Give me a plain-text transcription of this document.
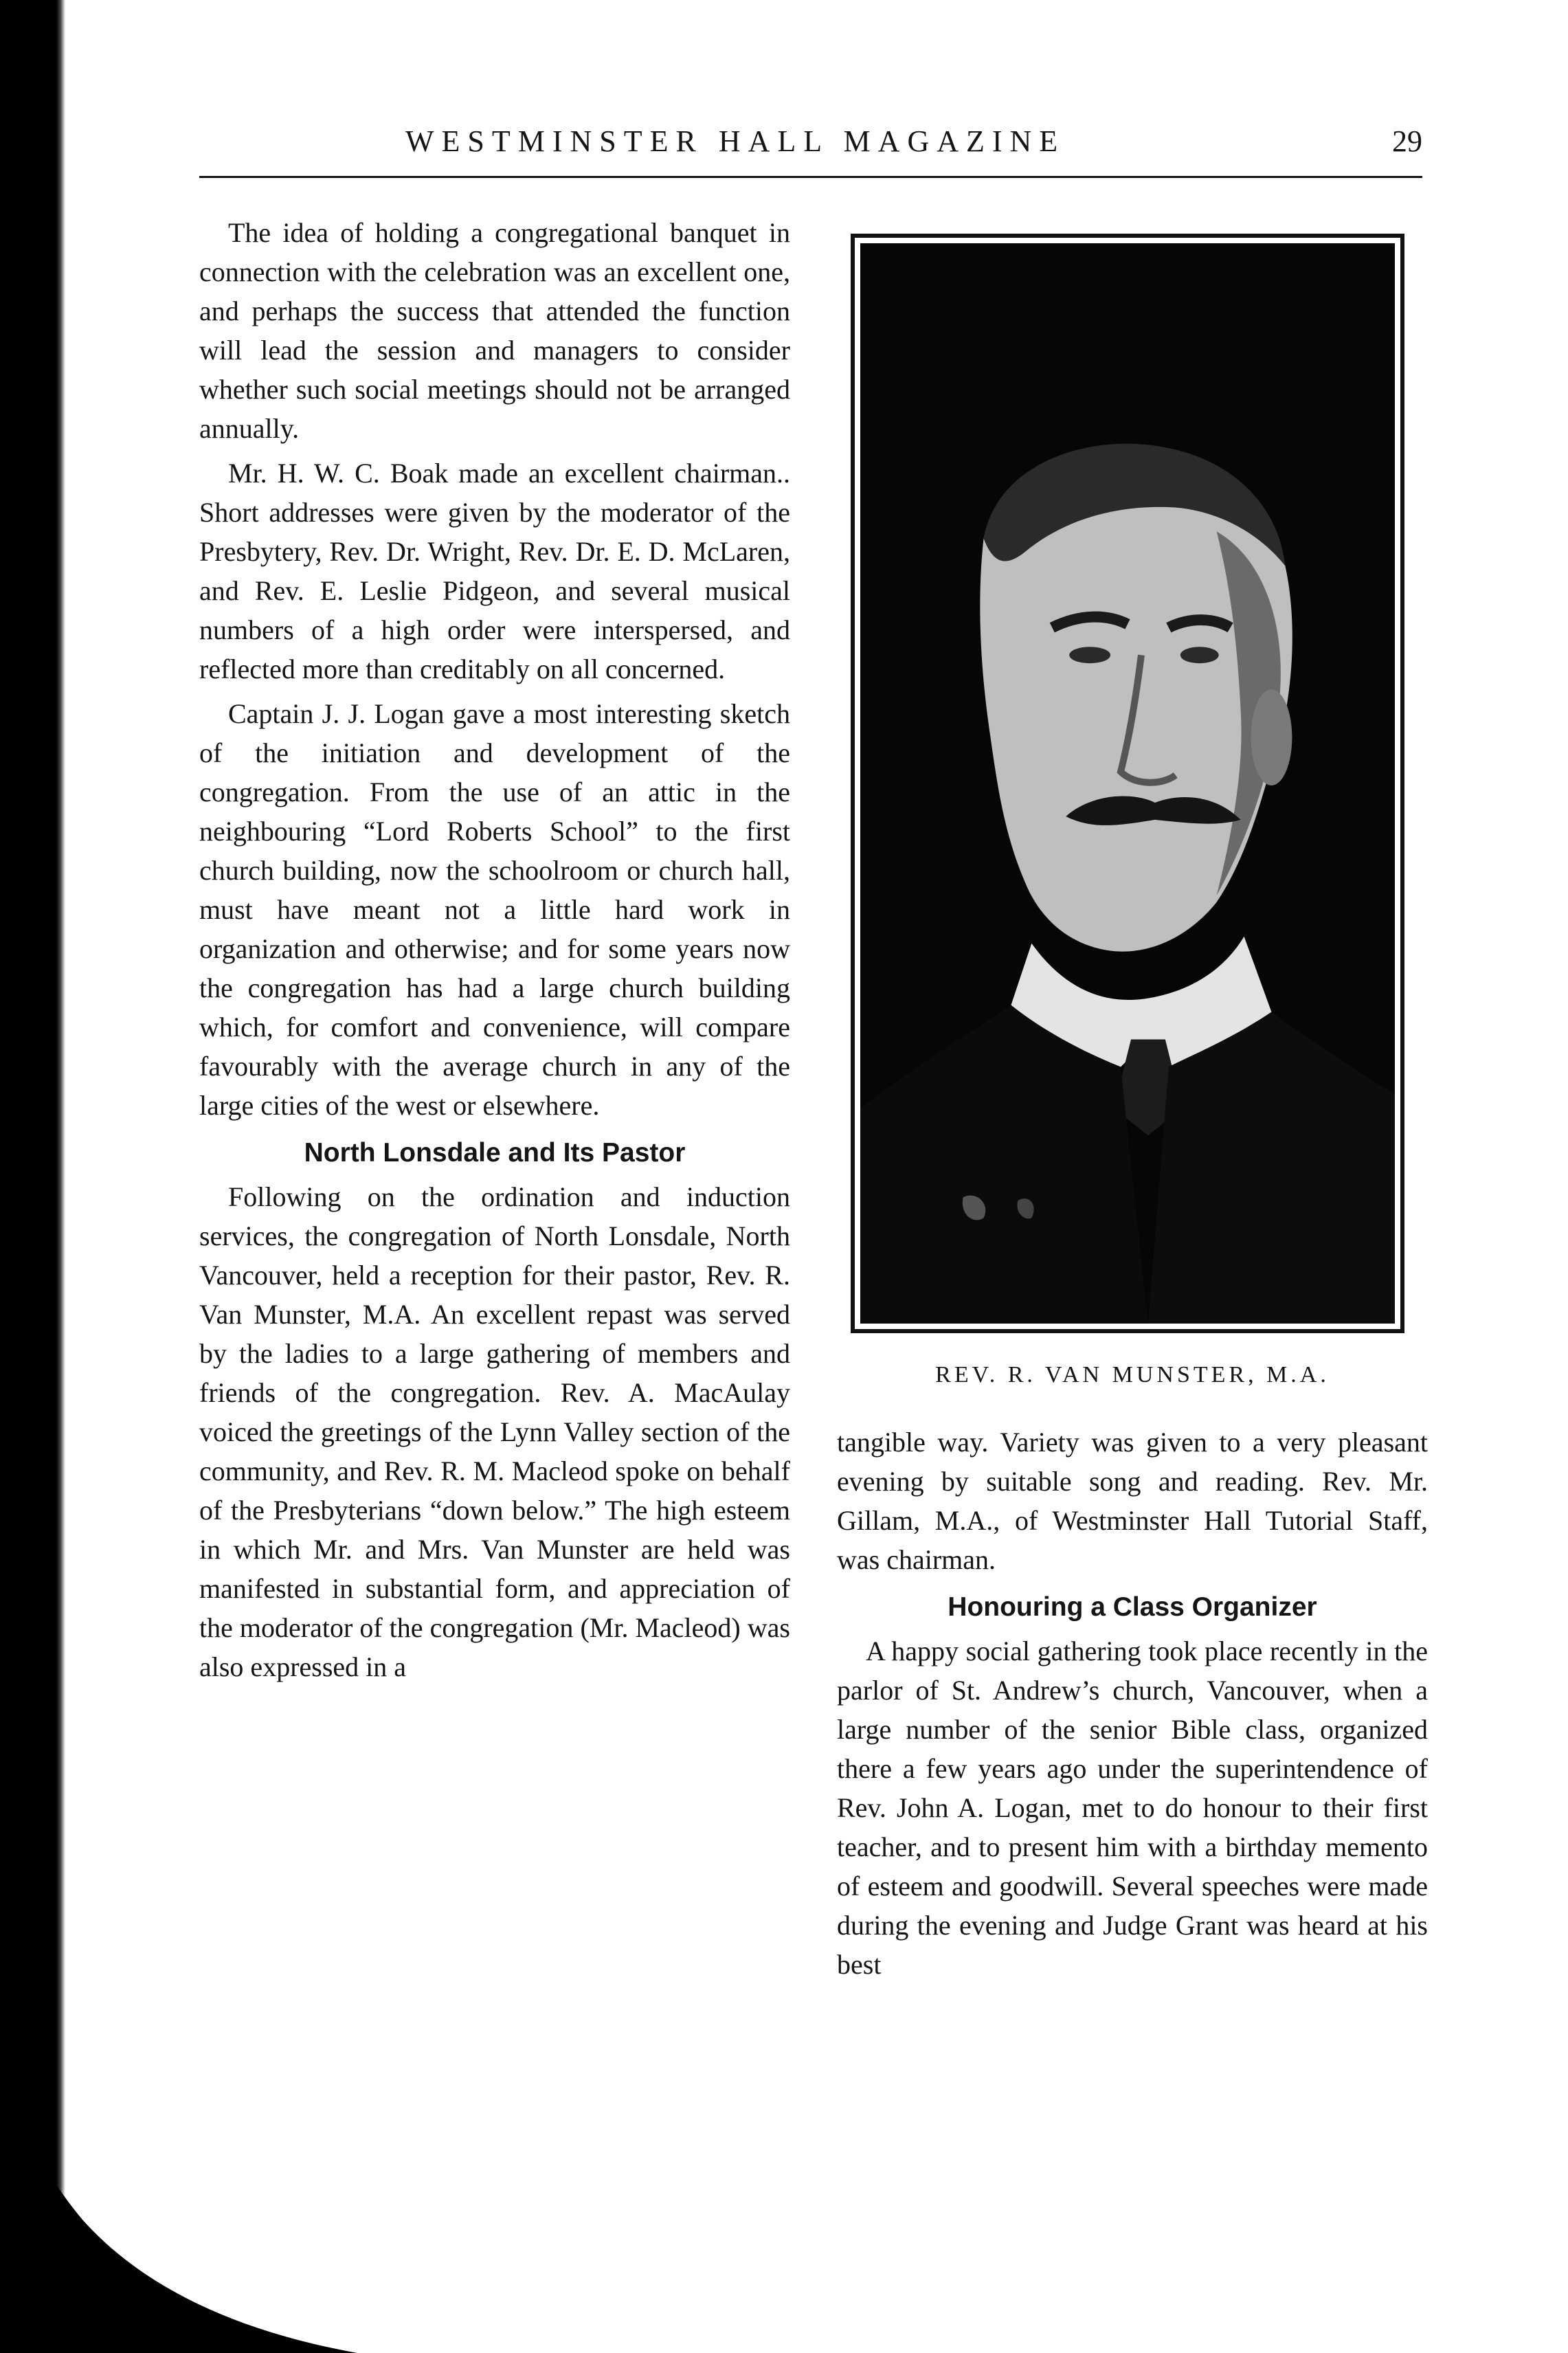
WESTMINSTER HALL MAGAZINE	29

The idea of holding a congregational banquet in connection with the celebration was an excellent one, and perhaps the success that attended the function will lead the session and managers to consider whether such social meetings should not be arranged annually.

Mr. H. W. C. Boak made an excellent chairman.. Short addresses were given by the moderator of the Presbytery, Rev. Dr. Wright, Rev. Dr. E. D. McLaren, and Rev. E. Leslie Pidgeon, and several musical numbers of a high order were interspersed, and reflected more than creditably on all concerned.

Captain J. J. Logan gave a most interesting sketch of the initiation and development of the congregation. From the use of an attic in the neighbouring “Lord Roberts School” to the first church building, now the schoolroom or church hall, must have meant not a little hard work in organization and otherwise; and for some years now the congregation has had a large church building which, for comfort and convenience, will compare favourably with the average church in any of the large cities of the west or elsewhere.

North Lonsdale and Its Pastor

Following on the ordination and induction services, the congregation of North Lonsdale, North Vancouver, held a reception for their pastor, Rev. R. Van Munster, M.A. An excellent repast was served by the ladies to a large gathering of members and friends of the congregation. Rev. A. MacAulay voiced the greetings of the Lynn Valley section of the community, and Rev. R. M. Macleod spoke on behalf of the Presbyterians “down below.” The high esteem in which Mr. and Mrs. Van Munster are held was manifested in substantial form, and appreciation of the moderator of the congregation (Mr. Macleod) was also expressed in a

REV. R. VAN MUNSTER, M.A.

tangible way. Variety was given to a very pleasant evening by suitable song and reading. Rev. Mr. Gillam, M.A., of Westminster Hall Tutorial Staff, was chairman.

Honouring a Class Organizer

A happy social gathering took place recently in the parlor of St. Andrew’s church, Vancouver, when a large number of the senior Bible class, organized there a few years ago under the superintendence of Rev. John A. Logan, met to do honour to their first teacher, and to present him with a birthday memento of esteem and goodwill. Several speeches were made during the evening and Judge Grant was heard at his best
